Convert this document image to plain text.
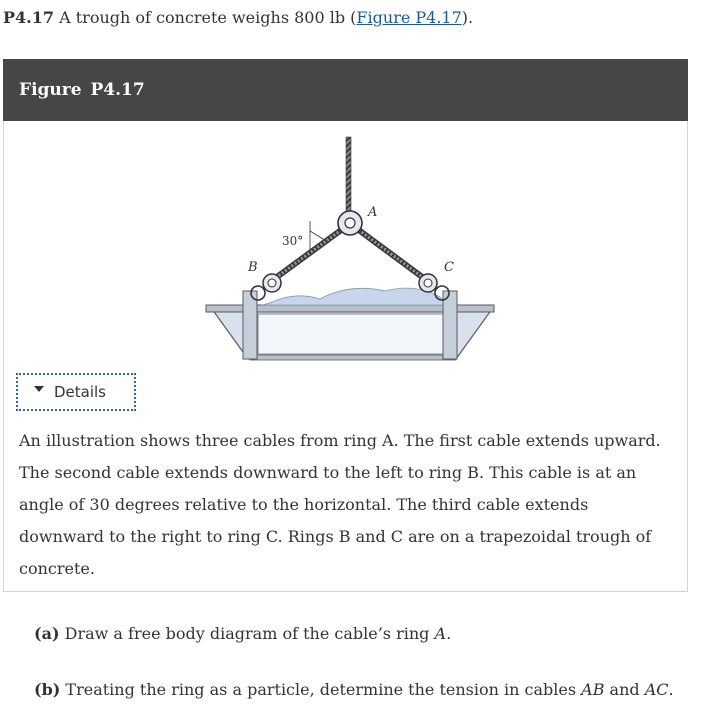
P4.17 A trough of concrete weighs 800 lb (Figure P4.17).
Figure P4.17
A
B	C
30°
Details
An illustration shows three cables from ring A. The first cable extends upward. The second cable extends downward to the left to ring B. This cable is at an angle of 30 degrees relative to the horizontal. The third cable extends downward to the right to ring C. Rings B and C are on a trapezoidal trough of concrete.
(a) Draw a free body diagram of the cable’s ring A.
(b) Treating the ring as a particle, determine the tension in cables AB and AC.
